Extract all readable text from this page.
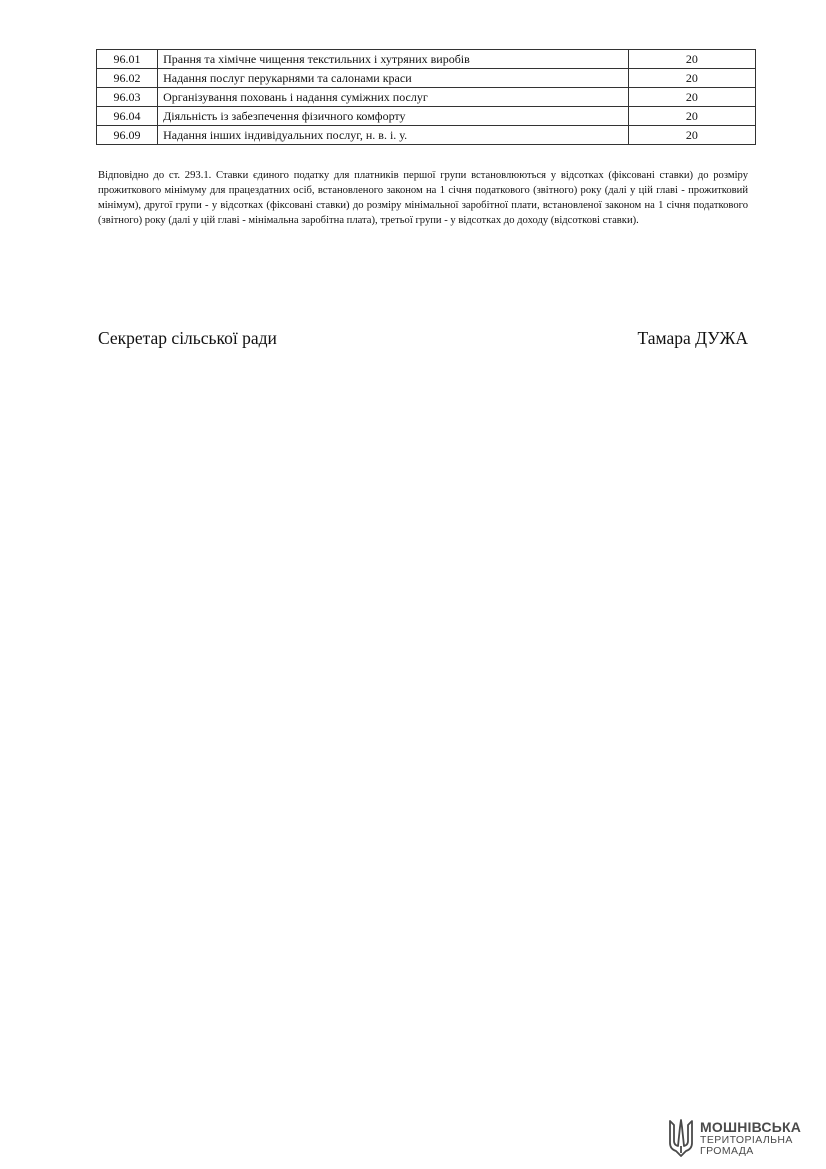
96.01	Прання та хімічне чищення текстильних і хутряних виробів	20
96.02	Надання послуг перукарнями та салонами краси	20
96.03	Організування поховань і надання суміжних послуг	20
96.04	Діяльність із забезпечення фізичного комфорту	20
96.09	Надання інших індивідуальних послуг, н. в. і. у.	20

Відповідно до ст. 293.1. Ставки єдиного податку для платників першої групи встановлюються у відсотках (фіксовані ставки) до розміру прожиткового мінімуму для працездатних осіб, встановленого законом на 1 січня податкового (звітного) року (далі у цій главі - прожитковий мінімум), другої групи - у відсотках (фіксовані ставки) до розміру мінімальної заробітної плати, встановленої законом на 1 січня податкового (звітного) року (далі у цій главі - мінімальна заробітна плата), третьої групи - у відсотках до доходу (відсоткові ставки).

Секретар сільської ради	Тамара ДУЖА
МОШНІВСЬКА
ТЕРИТОРІАЛЬНА
ГРОМАДА
